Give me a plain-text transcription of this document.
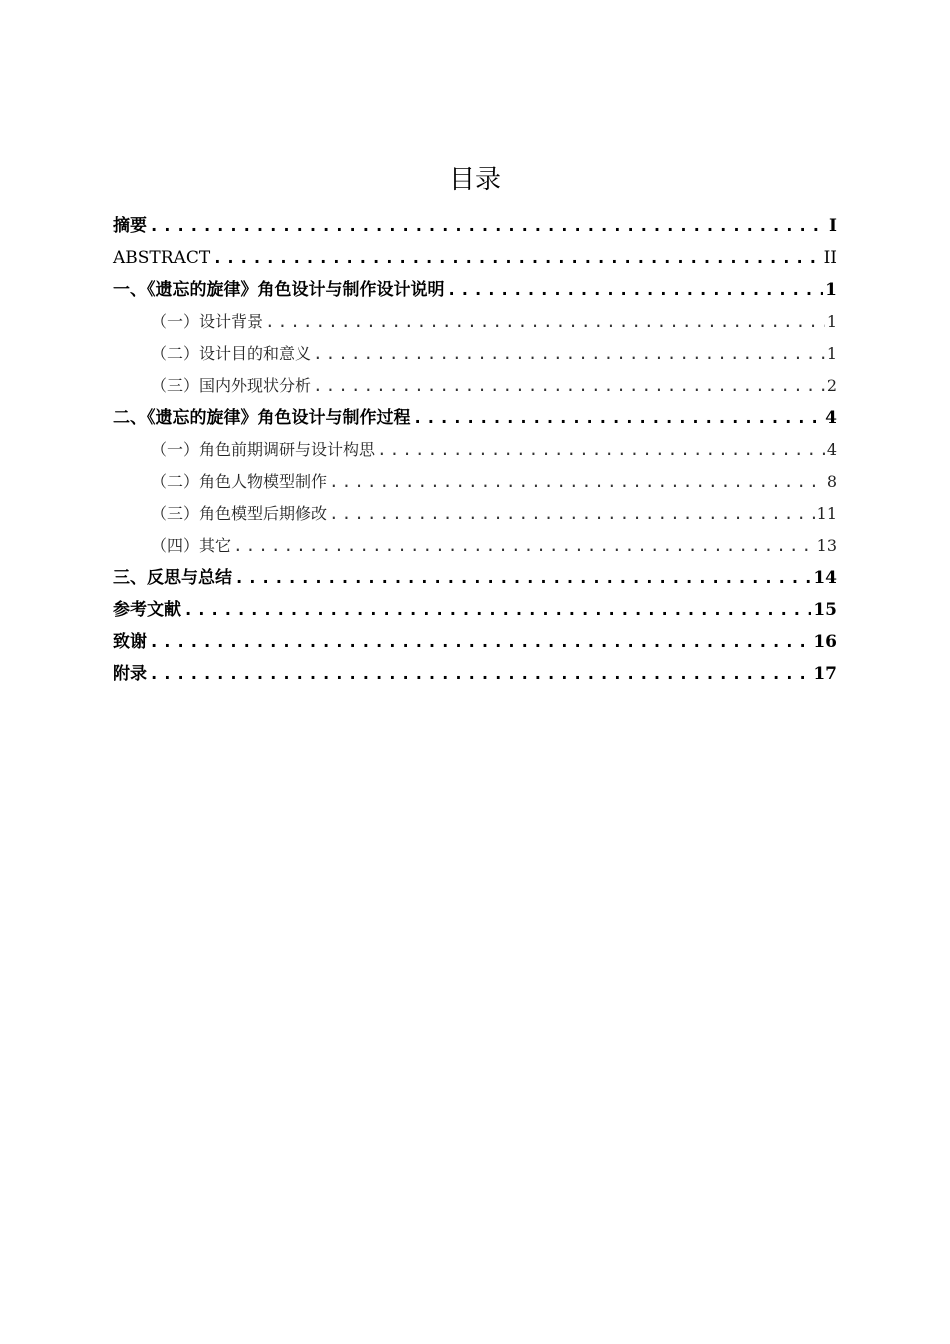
目录
摘要 .....	I
ABSTRACT .....	II
一、《遗忘的旋律》角色设计与制作设计说明 .....	1
（一）设计背景 .....	1
（二）设计目的和意义 .....	1
（三）国内外现状分析 .....	2
二、《遗忘的旋律》角色设计与制作过程 .....	4
（一）角色前期调研与设计构思 .....	4
（二）角色人物模型制作 .....	8
（三）角色模型后期修改 .....	11
（四）其它 .....	13
三、反思与总结 .....	14
参考文献 .....	15
致谢 .....	16
附录 .....	17
